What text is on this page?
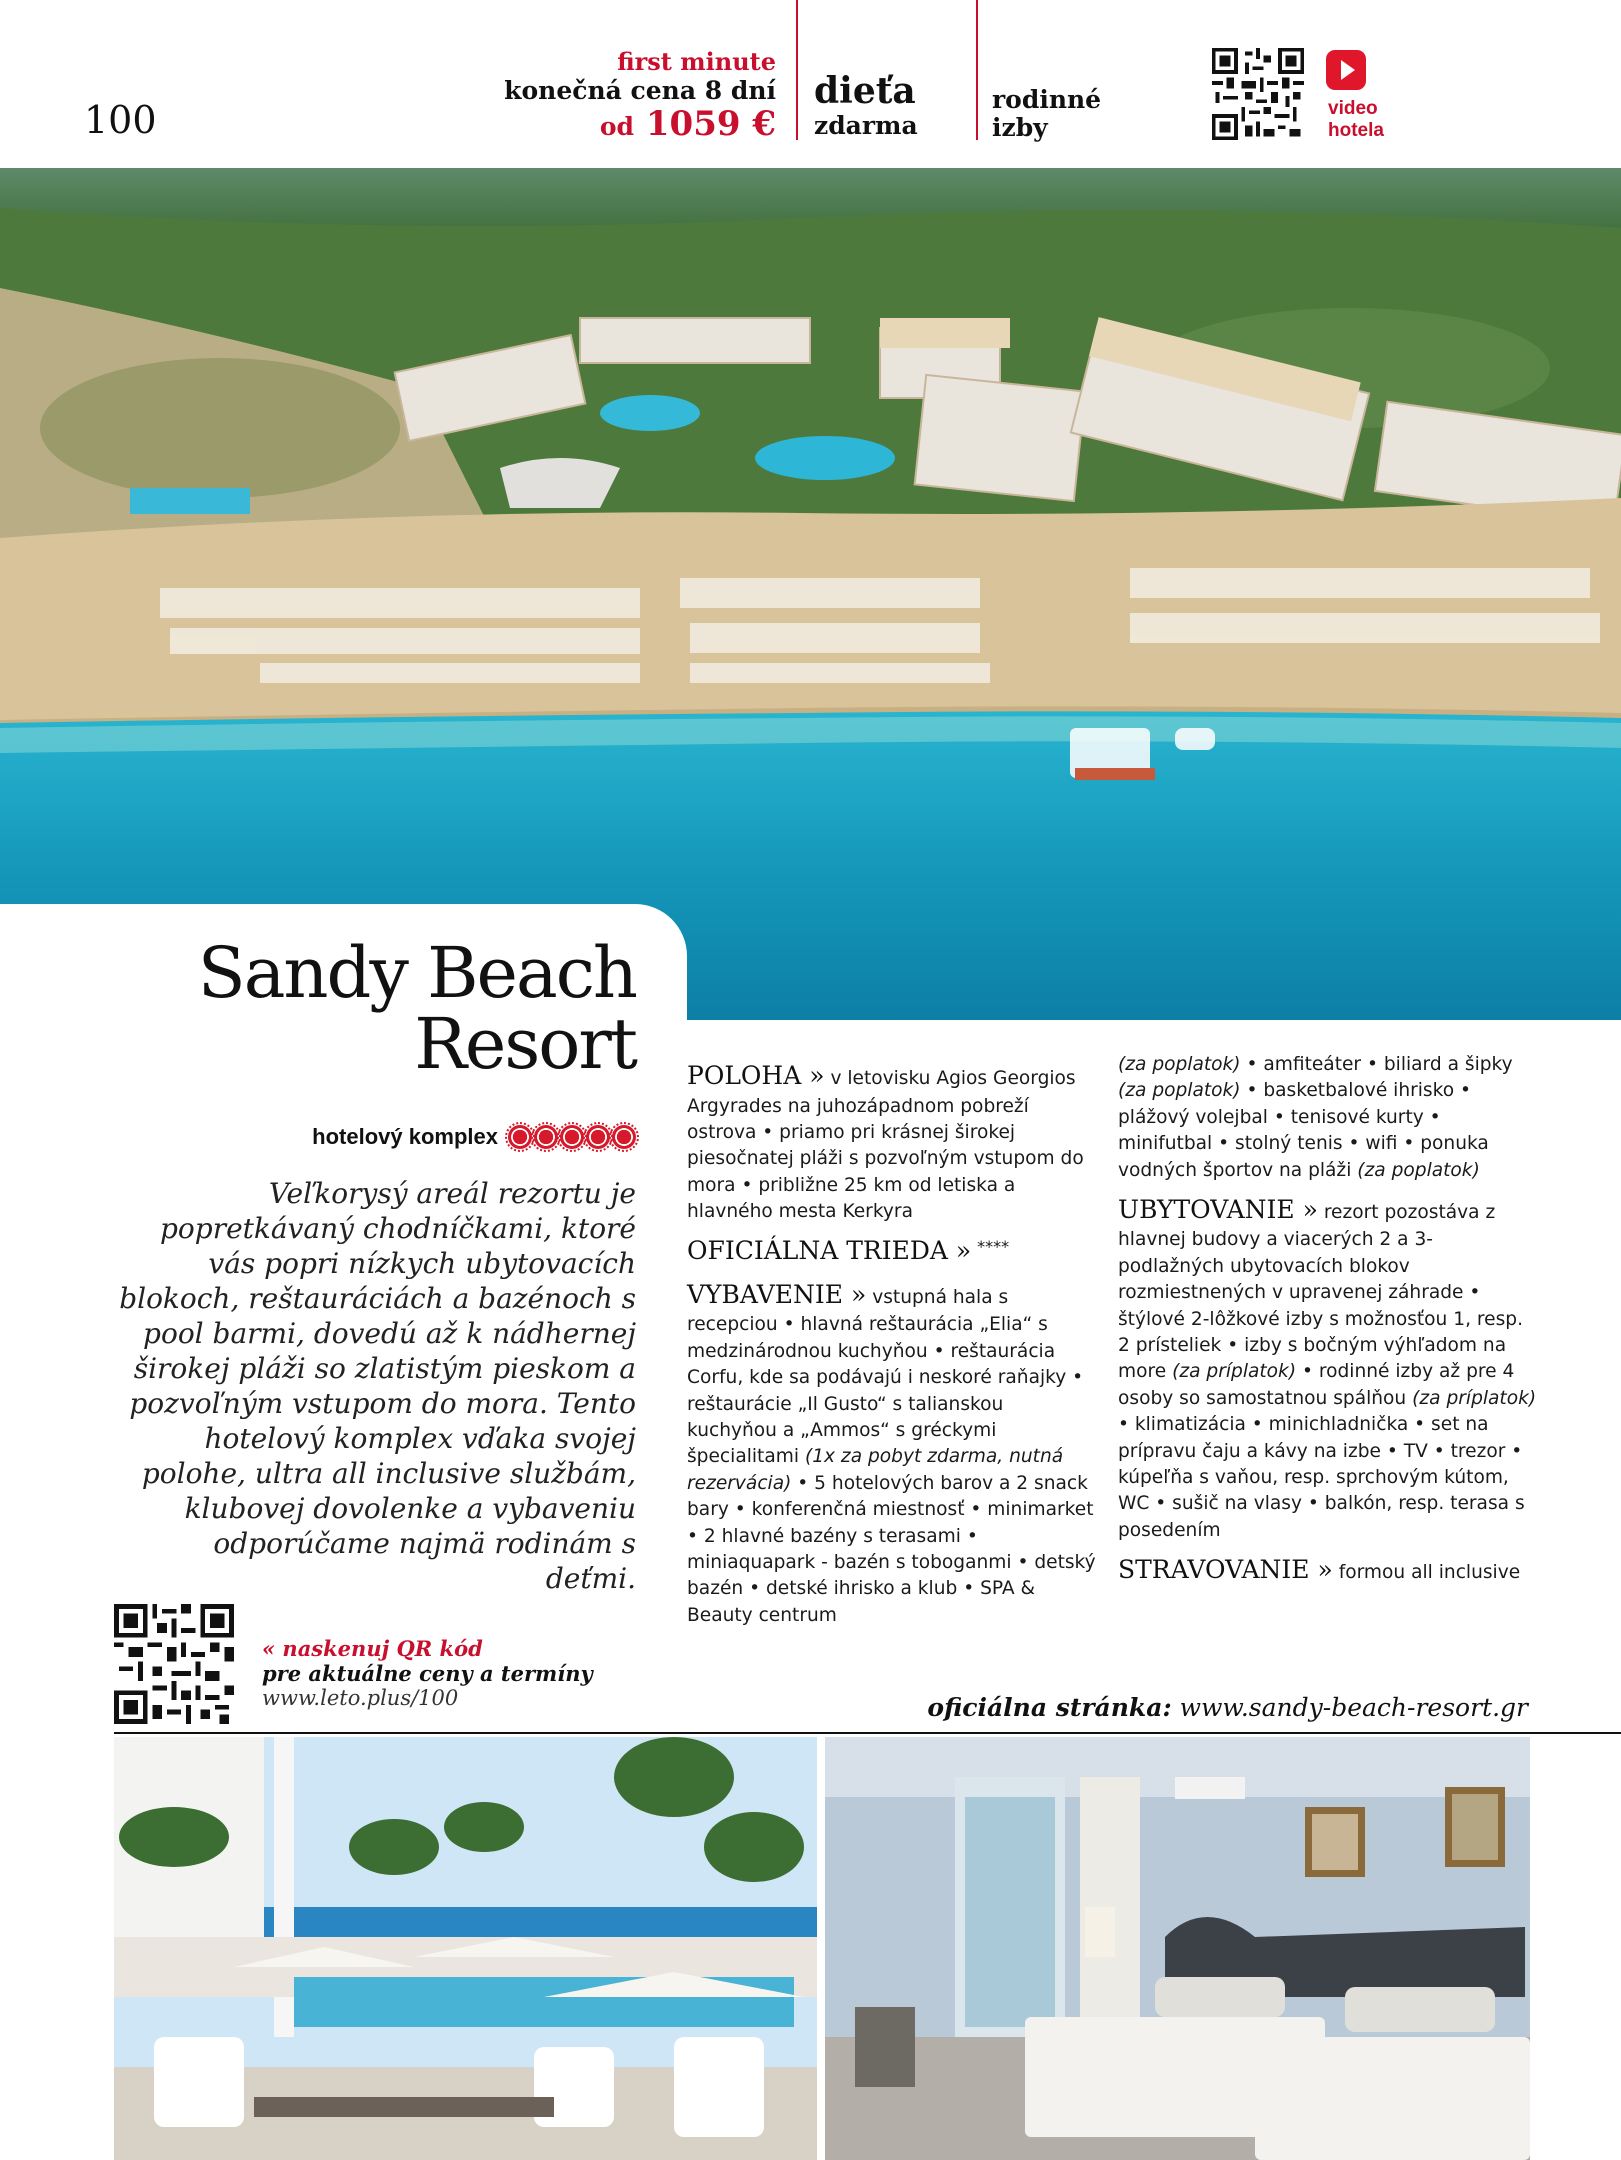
100
first minute
konečná cena 8 dní
od 1059 €
dieťa
zdarma
rodinné
izby
video
hotela
Sandy Beach
Resort
hotelový komplex
Veľkorysý areál rezortu je popretkávaný chodníčkami, ktoré vás popri nízkych ubytovacích blokoch, reštauráciách a bazénoch s pool barmi, dovedú až k nádhernej širokej pláži so zlatistým pieskom a pozvoľným vstupom do mora. Tento hotelový komplex vďaka svojej polohe, ultra all inclusive službám, klubovej dovolenke a vybaveniu odporúčame najmä rodinám s deťmi.
« naskenuj QR kód
pre aktuálne ceny a termíny
www.leto.plus/100

POLOHA » v letovisku Agios Georgios Argyrades na juhozápadnom pobreží ostrova • priamo pri krásnej širokej piesočnatej pláži s pozvoľným vstupom do mora • približne 25 km od letiska a hlavného mesta Kerkyra

OFICIÁLNA TRIEDA » ****

VYBAVENIE » vstupná hala s recepciou • hlavná reštaurácia „Elia“ s medzinárodnou kuchyňou • reštaurácia Corfu, kde sa podávajú i neskoré raňajky • reštaurácie „Il Gusto“ s talianskou kuchyňou a „Ammos“ s gréckymi špecialitami (1x za pobyt zdarma, nutná rezervácia) • 5 hotelových barov a 2 snack bary • konferenčná miestnosť • minimarket • 2 hlavné bazény s terasami • miniaquapark - bazén s toboganmi • detský bazén • detské ihrisko a klub • SPA & Beauty centrum

(za poplatok) • amfiteáter • biliard a šipky (za poplatok) • basketbalové ihrisko • plážový volejbal • tenisové kurty • minifutbal • stolný tenis • wifi • ponuka vodných športov na pláži (za poplatok)

UBYTOVANIE » rezort pozostáva z hlavnej budovy a viacerých 2 a 3-podlažných ubytovacích blokov rozmiestnených v upravenej záhrade • štýlové 2-lôžkové izby s možnosťou 1, resp. 2 prísteliek • izby s bočným výhľadom na more (za príplatok) • rodinné izby až pre 4 osoby so samostatnou spálňou (za príplatok) • klimatizácia • minichladnička • set na prípravu čaju a kávy na izbe • TV • trezor • kúpeľňa s vaňou, resp. sprchovým kútom, WC • sušič na vlasy • balkón, resp. terasa s posedením

STRAVOVANIE » formou all inclusive

oficiálna stránka: www.sandy-beach-resort.gr
